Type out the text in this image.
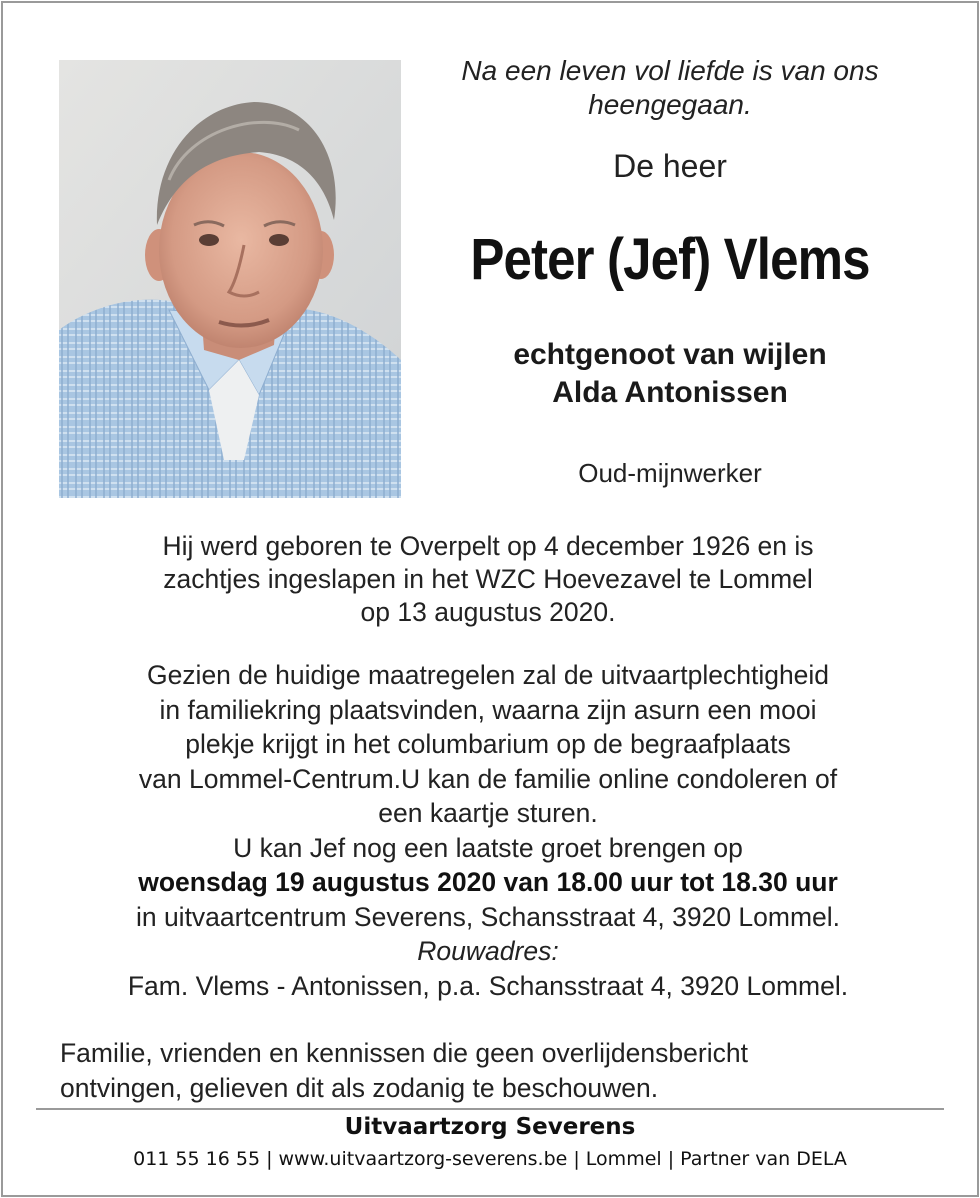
Na een leven vol liefde is van ons
heengegaan.
De heer
Peter (Jef) Vlems
echtgenoot van wijlen
Alda Antonissen
Oud-mijnwerker
Hij werd geboren te Overpelt op 4 december 1926 en is
zachtjes ingeslapen in het WZC Hoevezavel te Lommel
op 13 augustus 2020.
Gezien de huidige maatregelen zal de uitvaartplechtigheid
in familiekring plaatsvinden, waarna zijn asurn een mooi
plekje krijgt in het columbarium op de begraafplaats
van Lommel-Centrum.U kan de familie online condoleren of
een kaartje sturen.
U kan Jef nog een laatste groet brengen op
woensdag 19 augustus 2020 van 18.00 uur tot 18.30 uur
in uitvaartcentrum Severens, Schansstraat 4, 3920 Lommel.
Rouwadres:
Fam. Vlems - Antonissen, p.a. Schansstraat 4, 3920 Lommel.
Familie, vrienden en kennissen die geen overlijdensbericht
ontvingen, gelieven dit als zodanig te beschouwen.
Uitvaartzorg Severens
011 55 16 55 | www.uitvaartzorg-severens.be | Lommel | Partner van DELA
